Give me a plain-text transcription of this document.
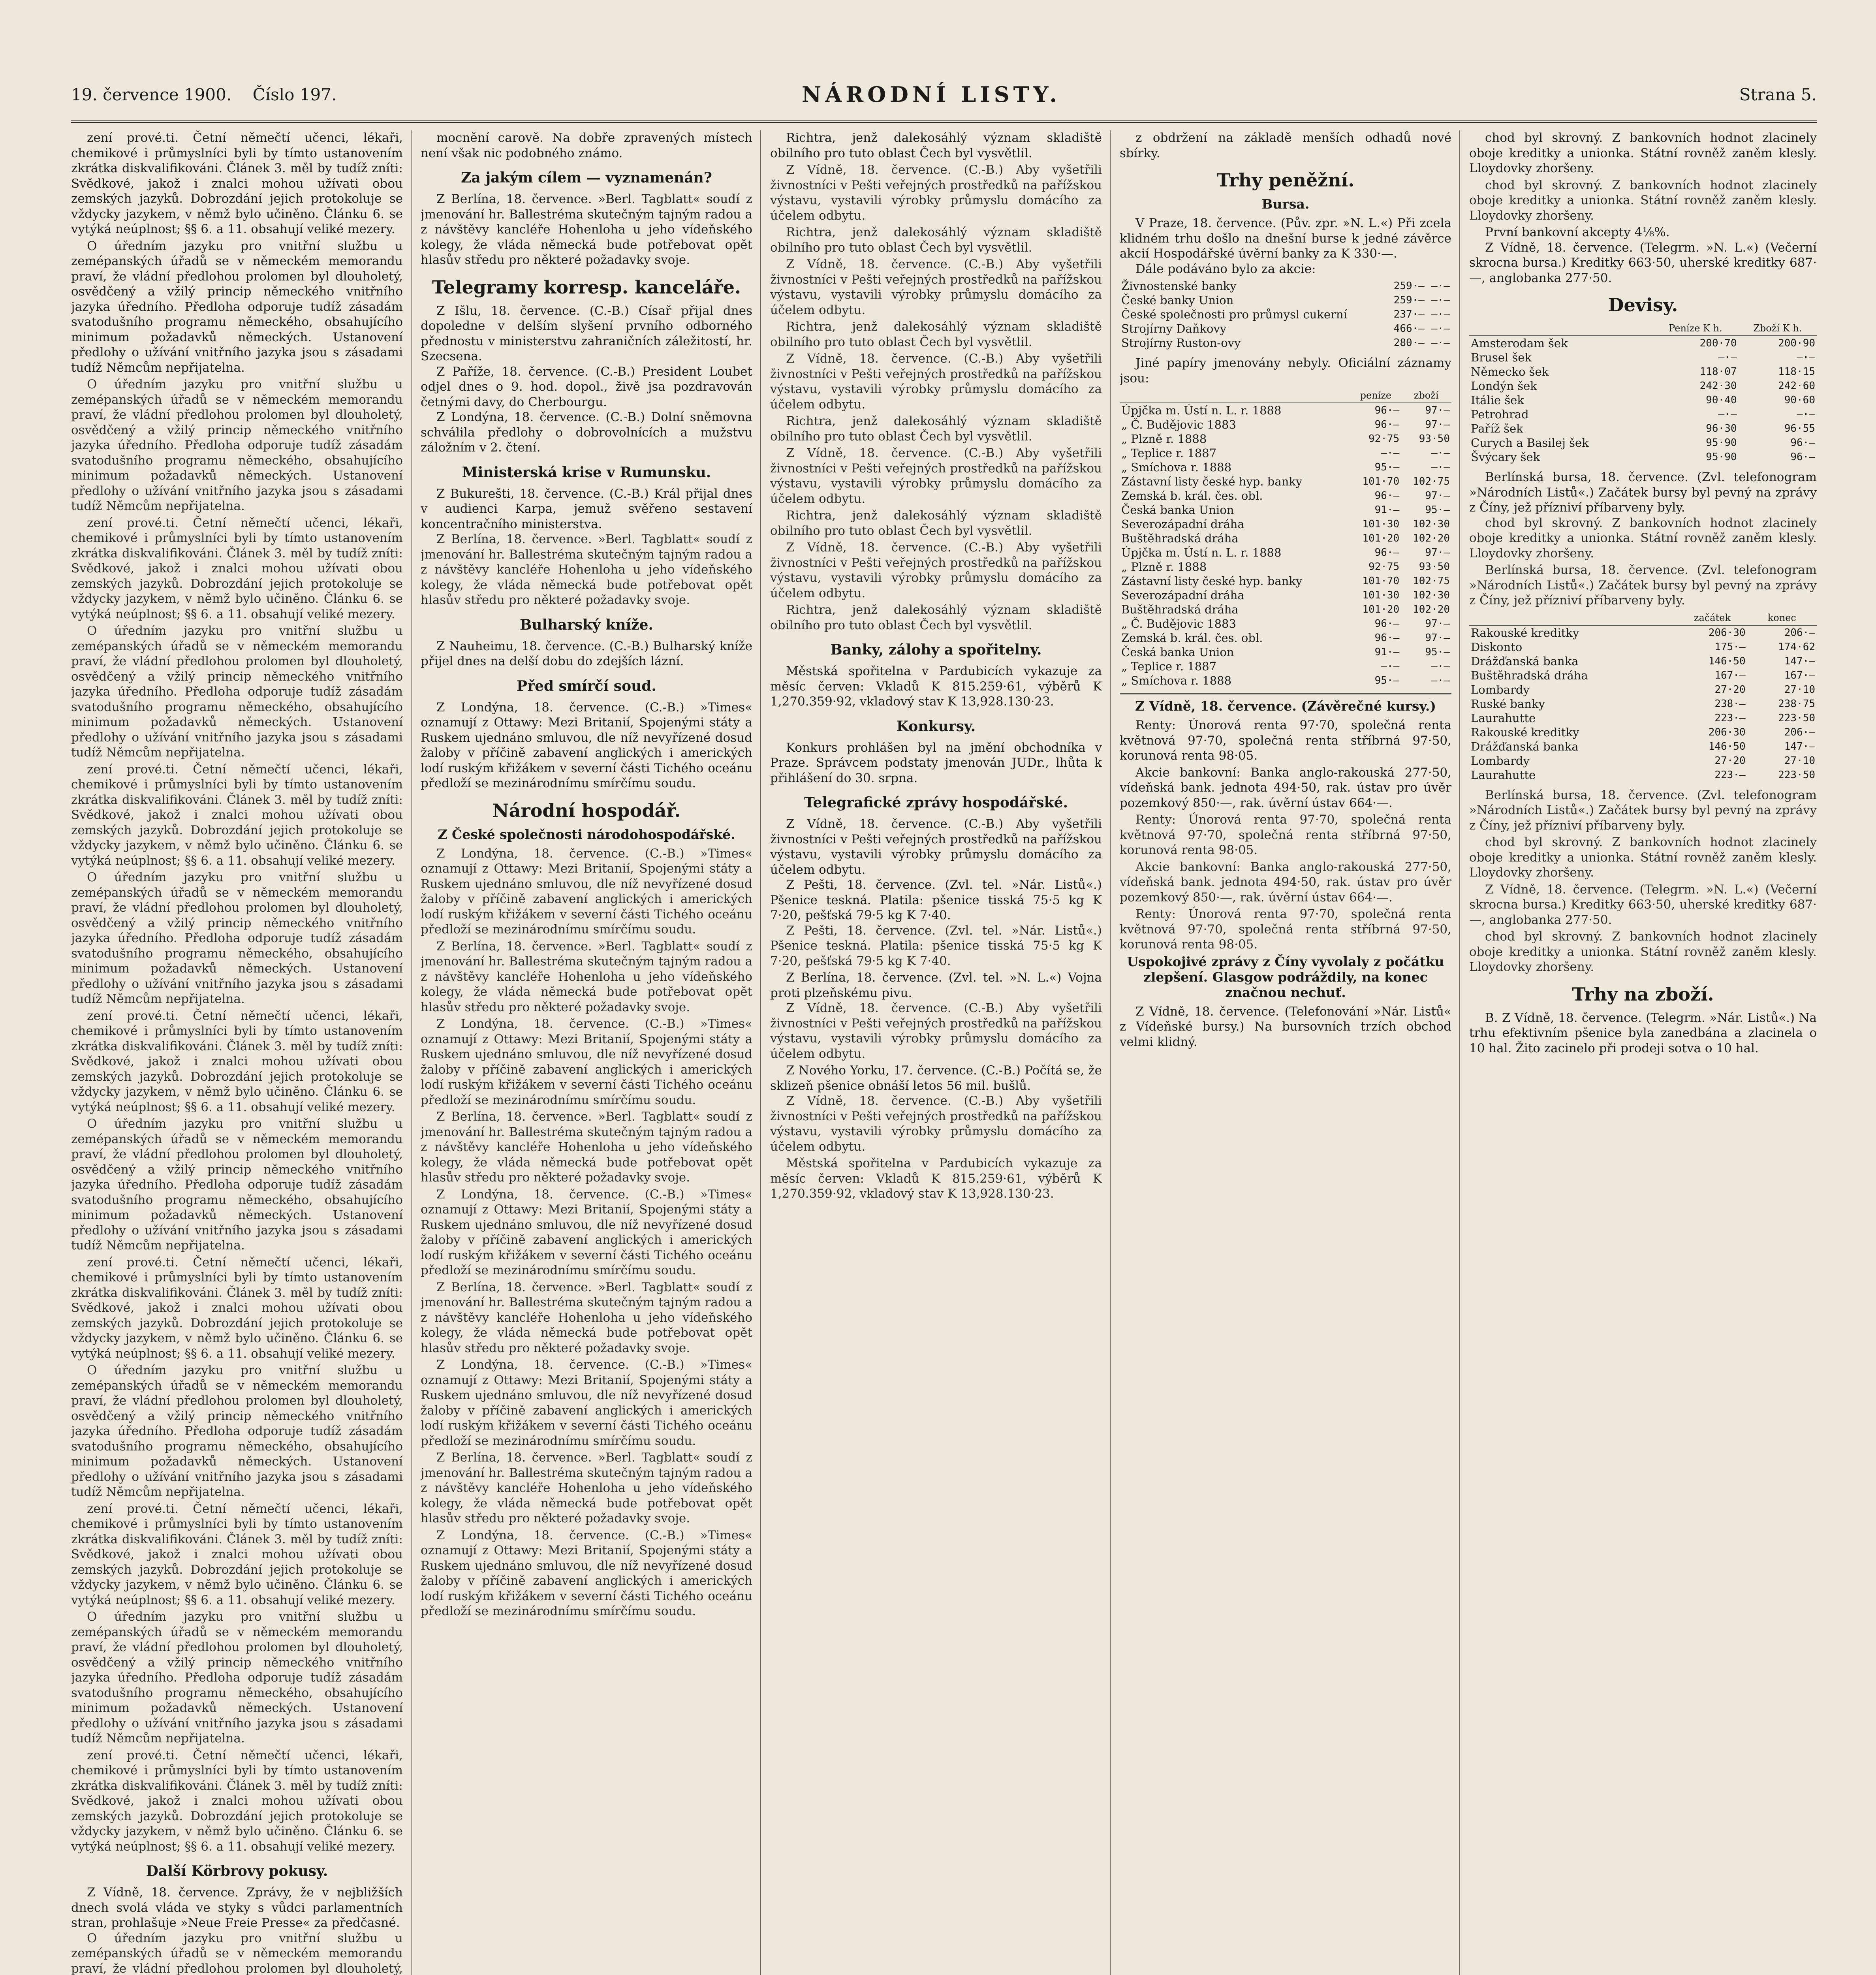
19. července 1900. Číslo 197.	NÁRODNÍ LISTY.	Strana 5.

zení prové.ti. Četní němečtí učenci, lékaři, chemikové i průmyslníci byli by tímto ustanovením zkrátka diskvalifikováni. Článek 3. měl by tudíž zníti: Svědkové, jakož i znalci mohou užívati obou zemských jazyků. Dobrozdání jejich protokoluje se vždycky jazykem, v němž bylo učiněno. Článku 6. se vytýká neúplnost; §§ 6. a 11. obsahují veliké mezery.

O úředním jazyku pro vnitřní službu u zemépanských úřadů se v německém memorandu praví, že vládní předlohou prolomen byl dlouholetý, osvědčený a vžilý princip německého vnitřního jazyka úředního. Předloha odporuje tudíž zásadám svatodušního programu německého, obsahujícího minimum požadavků německých. Ustanovení předlohy o užívání vnitřního jazyka jsou s zásadami tudíž Němcům nepřijatelna.

O úředním jazyku pro vnitřní službu u zemépanských úřadů se v německém memorandu praví, že vládní předlohou prolomen byl dlouholetý, osvědčený a vžilý princip německého vnitřního jazyka úředního. Předloha odporuje tudíž zásadám svatodušního programu německého, obsahujícího minimum požadavků německých. Ustanovení předlohy o užívání vnitřního jazyka jsou s zásadami tudíž Němcům nepřijatelna.

zení prové.ti. Četní němečtí učenci, lékaři, chemikové i průmyslníci byli by tímto ustanovením zkrátka diskvalifikováni. Článek 3. měl by tudíž zníti: Svědkové, jakož i znalci mohou užívati obou zemských jazyků. Dobrozdání jejich protokoluje se vždycky jazykem, v němž bylo učiněno. Článku 6. se vytýká neúplnost; §§ 6. a 11. obsahují veliké mezery.

O úředním jazyku pro vnitřní službu u zemépanských úřadů se v německém memorandu praví, že vládní předlohou prolomen byl dlouholetý, osvědčený a vžilý princip německého vnitřního jazyka úředního. Předloha odporuje tudíž zásadám svatodušního programu německého, obsahujícího minimum požadavků německých. Ustanovení předlohy o užívání vnitřního jazyka jsou s zásadami tudíž Němcům nepřijatelna.

zení prové.ti. Četní němečtí učenci, lékaři, chemikové i průmyslníci byli by tímto ustanovením zkrátka diskvalifikováni. Článek 3. měl by tudíž zníti: Svědkové, jakož i znalci mohou užívati obou zemských jazyků. Dobrozdání jejich protokoluje se vždycky jazykem, v němž bylo učiněno. Článku 6. se vytýká neúplnost; §§ 6. a 11. obsahují veliké mezery.

O úředním jazyku pro vnitřní službu u zemépanských úřadů se v německém memorandu praví, že vládní předlohou prolomen byl dlouholetý, osvědčený a vžilý princip německého vnitřního jazyka úředního. Předloha odporuje tudíž zásadám svatodušního programu německého, obsahujícího minimum požadavků německých. Ustanovení předlohy o užívání vnitřního jazyka jsou s zásadami tudíž Němcům nepřijatelna.

zení prové.ti. Četní němečtí učenci, lékaři, chemikové i průmyslníci byli by tímto ustanovením zkrátka diskvalifikováni. Článek 3. měl by tudíž zníti: Svědkové, jakož i znalci mohou užívati obou zemských jazyků. Dobrozdání jejich protokoluje se vždycky jazykem, v němž bylo učiněno. Článku 6. se vytýká neúplnost; §§ 6. a 11. obsahují veliké mezery.

O úředním jazyku pro vnitřní službu u zemépanských úřadů se v německém memorandu praví, že vládní předlohou prolomen byl dlouholetý, osvědčený a vžilý princip německého vnitřního jazyka úředního. Předloha odporuje tudíž zásadám svatodušního programu německého, obsahujícího minimum požadavků německých. Ustanovení předlohy o užívání vnitřního jazyka jsou s zásadami tudíž Němcům nepřijatelna.

zení prové.ti. Četní němečtí učenci, lékaři, chemikové i průmyslníci byli by tímto ustanovením zkrátka diskvalifikováni. Článek 3. měl by tudíž zníti: Svědkové, jakož i znalci mohou užívati obou zemských jazyků. Dobrozdání jejich protokoluje se vždycky jazykem, v němž bylo učiněno. Článku 6. se vytýká neúplnost; §§ 6. a 11. obsahují veliké mezery.

O úředním jazyku pro vnitřní službu u zemépanských úřadů se v německém memorandu praví, že vládní předlohou prolomen byl dlouholetý, osvědčený a vžilý princip německého vnitřního jazyka úředního. Předloha odporuje tudíž zásadám svatodušního programu německého, obsahujícího minimum požadavků německých. Ustanovení předlohy o užívání vnitřního jazyka jsou s zásadami tudíž Němcům nepřijatelna.

zení prové.ti. Četní němečtí učenci, lékaři, chemikové i průmyslníci byli by tímto ustanovením zkrátka diskvalifikováni. Článek 3. měl by tudíž zníti: Svědkové, jakož i znalci mohou užívati obou zemských jazyků. Dobrozdání jejich protokoluje se vždycky jazykem, v němž bylo učiněno. Článku 6. se vytýká neúplnost; §§ 6. a 11. obsahují veliké mezery.

O úředním jazyku pro vnitřní službu u zemépanských úřadů se v německém memorandu praví, že vládní předlohou prolomen byl dlouholetý, osvědčený a vžilý princip německého vnitřního jazyka úředního. Předloha odporuje tudíž zásadám svatodušního programu německého, obsahujícího minimum požadavků německých. Ustanovení předlohy o užívání vnitřního jazyka jsou s zásadami tudíž Němcům nepřijatelna.

zení prové.ti. Četní němečtí učenci, lékaři, chemikové i průmyslníci byli by tímto ustanovením zkrátka diskvalifikováni. Článek 3. měl by tudíž zníti: Svědkové, jakož i znalci mohou užívati obou zemských jazyků. Dobrozdání jejich protokoluje se vždycky jazykem, v němž bylo učiněno. Článku 6. se vytýká neúplnost; §§ 6. a 11. obsahují veliké mezery.

Další Körbrovy pokusy.

Z Vídně, 18. července. Zprávy, že v nejbližších dnech svolá vláda ve styky s vůdci parlamentních stran, prohlašuje »Neue Freie Presse« za předčasné.

O úředním jazyku pro vnitřní službu u zemépanských úřadů se v německém memorandu praví, že vládní předlohou prolomen byl dlouholetý,

mocnění carově. Na dobře zpravených místech není však nic podobného známo.

Za jakým cílem — vyznamenán?

Z Berlína, 18. července. »Berl. Tagblatt« soudí z jmenování hr. Ballestréma skutečným tajným radou a z návštěvy kancléře Hohenloha u jeho vídeňského kolegy, že vláda německá bude potřebovat opět hlasův středu pro některé požadavky svoje.

Telegramy korresp. kanceláře.

Z Išlu, 18. července. (C.-B.) Císař přijal dnes dopoledne v delším slyšení prvního odborného přednostu v ministerstvu zahraničních záležitostí, hr. Szecsena.

Z Paříže, 18. července. (C.-B.) President Loubet odjel dnes o 9. hod. dopol., živě jsa pozdravován četnými davy, do Cherbourgu.

Z Londýna, 18. července. (C.-B.) Dolní sněmovna schválila předlohy o dobrovolnících a mužstvu záložním v 2. čtení.

Ministerská krise v Rumunsku.

Z Bukurešti, 18. července. (C.-B.) Král přijal dnes v audienci Karpa, jemuž svěřeno sestavení koncentračního ministerstva.

Z Berlína, 18. července. »Berl. Tagblatt« soudí z jmenování hr. Ballestréma skutečným tajným radou a z návštěvy kancléře Hohenloha u jeho vídeňského kolegy, že vláda německá bude potřebovat opět hlasův středu pro některé požadavky svoje.

Bulharský kníže.

Z Nauheimu, 18. července. (C.-B.) Bulharský kníže přijel dnes na delší dobu do zdejších lázní.

Před smírčí soud.

Z Londýna, 18. července. (C.-B.) »Times« oznamují z Ottawy: Mezi Britanií, Spojenými státy a Ruskem ujednáno smluvou, dle níž nevyřízené dosud žaloby v příčině zabavení anglických i amerických lodí ruským křižákem v severní části Tichého oceánu předloží se mezinárodnímu smírčímu soudu.

Národní hospodář.
Z České společnosti národohospodářské.

Z Londýna, 18. července. (C.-B.) »Times« oznamují z Ottawy: Mezi Britanií, Spojenými státy a Ruskem ujednáno smluvou, dle níž nevyřízené dosud žaloby v příčině zabavení anglických i amerických lodí ruským křižákem v severní části Tichého oceánu předloží se mezinárodnímu smírčímu soudu.

Z Berlína, 18. července. »Berl. Tagblatt« soudí z jmenování hr. Ballestréma skutečným tajným radou a z návštěvy kancléře Hohenloha u jeho vídeňského kolegy, že vláda německá bude potřebovat opět hlasův středu pro některé požadavky svoje.

Z Londýna, 18. července. (C.-B.) »Times« oznamují z Ottawy: Mezi Britanií, Spojenými státy a Ruskem ujednáno smluvou, dle níž nevyřízené dosud žaloby v příčině zabavení anglických i amerických lodí ruským křižákem v severní části Tichého oceánu předloží se mezinárodnímu smírčímu soudu.

Z Berlína, 18. července. »Berl. Tagblatt« soudí z jmenování hr. Ballestréma skutečným tajným radou a z návštěvy kancléře Hohenloha u jeho vídeňského kolegy, že vláda německá bude potřebovat opět hlasův středu pro některé požadavky svoje.

Z Londýna, 18. července. (C.-B.) »Times« oznamují z Ottawy: Mezi Britanií, Spojenými státy a Ruskem ujednáno smluvou, dle níž nevyřízené dosud žaloby v příčině zabavení anglických i amerických lodí ruským křižákem v severní části Tichého oceánu předloží se mezinárodnímu smírčímu soudu.

Z Berlína, 18. července. »Berl. Tagblatt« soudí z jmenování hr. Ballestréma skutečným tajným radou a z návštěvy kancléře Hohenloha u jeho vídeňského kolegy, že vláda německá bude potřebovat opět hlasův středu pro některé požadavky svoje.

Z Londýna, 18. července. (C.-B.) »Times« oznamují z Ottawy: Mezi Britanií, Spojenými státy a Ruskem ujednáno smluvou, dle níž nevyřízené dosud žaloby v příčině zabavení anglických i amerických lodí ruským křižákem v severní části Tichého oceánu předloží se mezinárodnímu smírčímu soudu.

Z Berlína, 18. července. »Berl. Tagblatt« soudí z jmenování hr. Ballestréma skutečným tajným radou a z návštěvy kancléře Hohenloha u jeho vídeňského kolegy, že vláda německá bude potřebovat opět hlasův středu pro některé požadavky svoje.

Z Londýna, 18. července. (C.-B.) »Times« oznamují z Ottawy: Mezi Britanií, Spojenými státy a Ruskem ujednáno smluvou, dle níž nevyřízené dosud žaloby v příčině zabavení anglických i amerických lodí ruským křižákem v severní části Tichého oceánu předloží se mezinárodnímu smírčímu soudu.

Richtra, jenž dalekosáhlý význam skladiště obilního pro tuto oblast Čech byl vysvětlil.

Z Vídně, 18. července. (C.-B.) Aby vyšetřili živnostníci v Pešti veřejných prostředků na pařížskou výstavu, vystavili výrobky průmyslu domácího za účelem odbytu.

Richtra, jenž dalekosáhlý význam skladiště obilního pro tuto oblast Čech byl vysvětlil.

Z Vídně, 18. července. (C.-B.) Aby vyšetřili živnostníci v Pešti veřejných prostředků na pařížskou výstavu, vystavili výrobky průmyslu domácího za účelem odbytu.

Richtra, jenž dalekosáhlý význam skladiště obilního pro tuto oblast Čech byl vysvětlil.

Z Vídně, 18. července. (C.-B.) Aby vyšetřili živnostníci v Pešti veřejných prostředků na pařížskou výstavu, vystavili výrobky průmyslu domácího za účelem odbytu.

Richtra, jenž dalekosáhlý význam skladiště obilního pro tuto oblast Čech byl vysvětlil.

Z Vídně, 18. července. (C.-B.) Aby vyšetřili živnostníci v Pešti veřejných prostředků na pařížskou výstavu, vystavili výrobky průmyslu domácího za účelem odbytu.

Richtra, jenž dalekosáhlý význam skladiště obilního pro tuto oblast Čech byl vysvětlil.

Z Vídně, 18. července. (C.-B.) Aby vyšetřili živnostníci v Pešti veřejných prostředků na pařížskou výstavu, vystavili výrobky průmyslu domácího za účelem odbytu.

Richtra, jenž dalekosáhlý význam skladiště obilního pro tuto oblast Čech byl vysvětlil.

Banky, zálohy a spořitelny.

Městská spořitelna v Pardubicích vykazuje za měsíc červen: Vkladů K 815.259·61, výběrů K 1,270.359·92, vkladový stav K 13,928.130·23.

Konkursy.

Konkurs prohlášen byl na jmění obchodníka v Praze. Správcem podstaty jmenován JUDr., lhůta k přihlášení do 30. srpna.

Telegrafické zprávy hospodářské.

Z Vídně, 18. července. (C.-B.) Aby vyšetřili živnostníci v Pešti veřejných prostředků na pařížskou výstavu, vystavili výrobky průmyslu domácího za účelem odbytu.

Z Pešti, 18. července. (Zvl. tel. »Nár. Listů«.) Pšenice teskná. Platila: pšenice tisská 75·5 kg K 7·20, pešťská 79·5 kg K 7·40.

Z Pešti, 18. července. (Zvl. tel. »Nár. Listů«.) Pšenice teskná. Platila: pšenice tisská 75·5 kg K 7·20, pešťská 79·5 kg K 7·40.

Z Berlína, 18. července. (Zvl. tel. »N. L.«) Vojna proti plzeňskému pivu.

Z Vídně, 18. července. (C.-B.) Aby vyšetřili živnostníci v Pešti veřejných prostředků na pařížskou výstavu, vystavili výrobky průmyslu domácího za účelem odbytu.

Z Nového Yorku, 17. července. (C.-B.) Počítá se, že sklizeň pšenice obnáší letos 56 mil. bušlů.

Z Vídně, 18. července. (C.-B.) Aby vyšetřili živnostníci v Pešti veřejných prostředků na pařížskou výstavu, vystavili výrobky průmyslu domácího za účelem odbytu.

Městská spořitelna v Pardubicích vykazuje za měsíc červen: Vkladů K 815.259·61, výběrů K 1,270.359·92, vkladový stav K 13,928.130·23.

z obdržení na základě menších odhadů nové sbírky.

Trhy peněžní.
Bursa.

V Praze, 18. července. (Pův. zpr. »N. L.«) Při zcela klidném trhu došlo na dnešní burse k jedné závěrce akcií Hospodářské úvěrní banky za K 330·—.

Dále podáváno bylo za akcie:

Živnostenské banky	259·—	—·—
České banky Union	259·—	—·—
České společnosti pro průmysl cukerní	237·—	—·—
Strojírny Daňkovy	466·—	—·—
Strojírny Ruston-ovy	280·—	—·—

Jiné papíry jmenovány nebyly. Oficiální záznamy jsou:

	peníze	zboží
Úpjčka m. Ústí n. L. r. 1888	96·—	97·—
„ Č. Budějovic 1883	96·—	97·—
„ Plzně r. 1888	92·75	93·50
„ Teplice r. 1887	—·—	—·—
„ Smíchova r. 1888	95·—	—·—
Zástavní listy české hyp. banky	101·70	102·75
Zemská b. král. čes. obl.	96·—	97·—
Česká banka Union	91·—	95·—
Severozápadní dráha	101·30	102·30
Buštěhradská dráha	101·20	102·20
Úpjčka m. Ústí n. L. r. 1888	96·—	97·—
„ Plzně r. 1888	92·75	93·50
Zástavní listy české hyp. banky	101·70	102·75
Severozápadní dráha	101·30	102·30
Buštěhradská dráha	101·20	102·20
„ Č. Budějovic 1883	96·—	97·—
Zemská b. král. čes. obl.	96·—	97·—
Česká banka Union	91·—	95·—
„ Teplice r. 1887	—·—	—·—
„ Smíchova r. 1888	95·—	—·—
Z Vídně, 18. července. (Závěrečné kursy.)

Renty: Únorová renta 97·70, společná renta květnová 97·70, společná renta stříbrná 97·50, korunová renta 98·05.

Akcie bankovní: Banka anglo-rakouská 277·50, vídeňská bank. jednota 494·50, rak. ústav pro úvěr pozemkový 850·—, rak. úvěrní ústav 664·—.

Renty: Únorová renta 97·70, společná renta květnová 97·70, společná renta stříbrná 97·50, korunová renta 98·05.

Akcie bankovní: Banka anglo-rakouská 277·50, vídeňská bank. jednota 494·50, rak. ústav pro úvěr pozemkový 850·—, rak. úvěrní ústav 664·—.

Renty: Únorová renta 97·70, společná renta květnová 97·70, společná renta stříbrná 97·50, korunová renta 98·05.

Uspokojivé zprávy z Číny vyvolaly z počátku zlepšení. Glasgow podráždily, na konec značnou nechuť.

Z Vídně, 18. července. (Telefonování »Nár. Listů« z Vídeňské bursy.) Na bursovních trzích obchod velmi klidný.

chod byl skrovný. Z bankovních hodnot zlacinely oboje kreditky a unionka. Státní rovněž zaněm klesly. Lloydovky zhoršeny.

chod byl skrovný. Z bankovních hodnot zlacinely oboje kreditky a unionka. Státní rovněž zaněm klesly. Lloydovky zhoršeny.

První bankovní akcepty 4⅛%.

Z Vídně, 18. července. (Telegrm. »N. L.«) (Večerní skrocna bursa.) Kreditky 663·50, uherské kreditky 687·—, anglobanka 277·50.

Devisy.
	Peníze K h.	Zboží K h.
Amsterodam šek	200·70	200·90
Brusel šek	—·—	—·—
Německo šek	118·07	118·15
Londýn šek	242·30	242·60
Itálie šek	90·40	90·60
Petrohrad	—·—	—·—
Paříž šek	96·30	96·55
Curych a Basilej šek	95·90	96·—
Švýcary šek	95·90	96·—

Berlínská bursa, 18. července. (Zvl. telefonogram »Národních Listů«.) Začátek bursy byl pevný na zprávy z Číny, jež přízniví příbarveny byly.

chod byl skrovný. Z bankovních hodnot zlacinely oboje kreditky a unionka. Státní rovněž zaněm klesly. Lloydovky zhoršeny.

Berlínská bursa, 18. července. (Zvl. telefonogram »Národních Listů«.) Začátek bursy byl pevný na zprávy z Číny, jež přízniví příbarveny byly.

	začátek	konec
Rakouské kreditky	206·30	206·—
Diskonto	175·—	174·62
Drážďanská banka	146·50	147·—
Buštěhradská dráha	167·—	167·—
Lombardy	27·20	27·10
Ruské banky	238·—	238·75
Laurahutte	223·—	223·50
Rakouské kreditky	206·30	206·—
Drážďanská banka	146·50	147·—
Lombardy	27·20	27·10
Laurahutte	223·—	223·50

Berlínská bursa, 18. července. (Zvl. telefonogram »Národních Listů«.) Začátek bursy byl pevný na zprávy z Číny, jež přízniví příbarveny byly.

chod byl skrovný. Z bankovních hodnot zlacinely oboje kreditky a unionka. Státní rovněž zaněm klesly. Lloydovky zhoršeny.

Z Vídně, 18. července. (Telegrm. »N. L.«) (Večerní skrocna bursa.) Kreditky 663·50, uherské kreditky 687·—, anglobanka 277·50.

chod byl skrovný. Z bankovních hodnot zlacinely oboje kreditky a unionka. Státní rovněž zaněm klesly. Lloydovky zhoršeny.

Trhy na zboží.

B. Z Vídně, 18. července. (Telegrm. »Nár. Listů«.) Na trhu efektivním pšenice byla zanedbána a zlacinela o 10 hal. Žito zacinelo při prodeji sotva o 10 hal.
